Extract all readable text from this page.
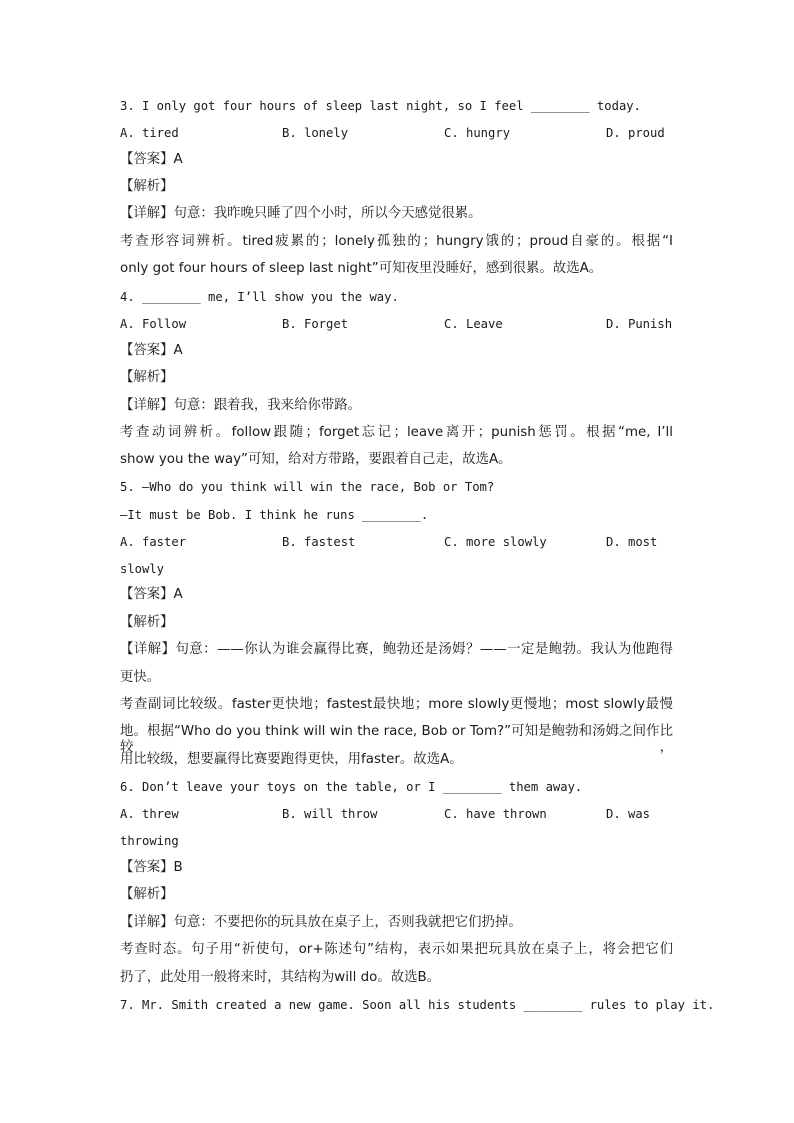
3. I only got four hours of sleep last night, so I feel ________ today.
A. tired	B. lonely	C. hungry	D. proud
【答案】A
【解析】
【详解】句意：我昨晚只睡了四个小时，所以今天感觉很累。
考查形容词辨析。tired疲累的；lonely孤独的；hungry饿的；proud自豪的。根据“I
only got four hours of sleep last night”可知夜里没睡好，感到很累。故选A。
4. ________ me, I’ll show you the way.
A. Follow	B. Forget	C. Leave	D. Punish
【答案】A
【解析】
【详解】句意：跟着我，我来给你带路。
考查动词辨析。follow跟随；forget忘记；leave离开；punish惩罚。根据“me, I’ll
show you the way”可知，给对方带路，要跟着自己走，故选A。
5. —Who do you think will win the race, Bob or Tom?
—It must be Bob. I think he runs ________.
A. faster	B. fastest	C. more slowly	D. most
slowly
【答案】A
【解析】
【详解】句意：——你认为谁会赢得比赛，鲍勃还是汤姆？——一定是鲍勃。我认为他跑得
更快。
考查副词比较级。faster更快地；fastest最快地；more slowly更慢地；most slowly最慢
地。根据“Who do you think will win the race, Bob or Tom?”可知是鲍勃和汤姆之间作比较，
用比较级，想要赢得比赛要跑得更快，用faster。故选A。
6. Don’t leave your toys on the table, or I ________ them away.
A. threw	B. will throw	C. have thrown	D. was
throwing
【答案】B
【解析】
【详解】句意：不要把你的玩具放在桌子上，否则我就把它们扔掉。
考查时态。句子用“祈使句，or+陈述句”结构，表示如果把玩具放在桌子上，将会把它们
扔了，此处用一般将来时，其结构为will do。故选B。
7. Mr. Smith created a new game. Soon all his students ________ rules to play it.
